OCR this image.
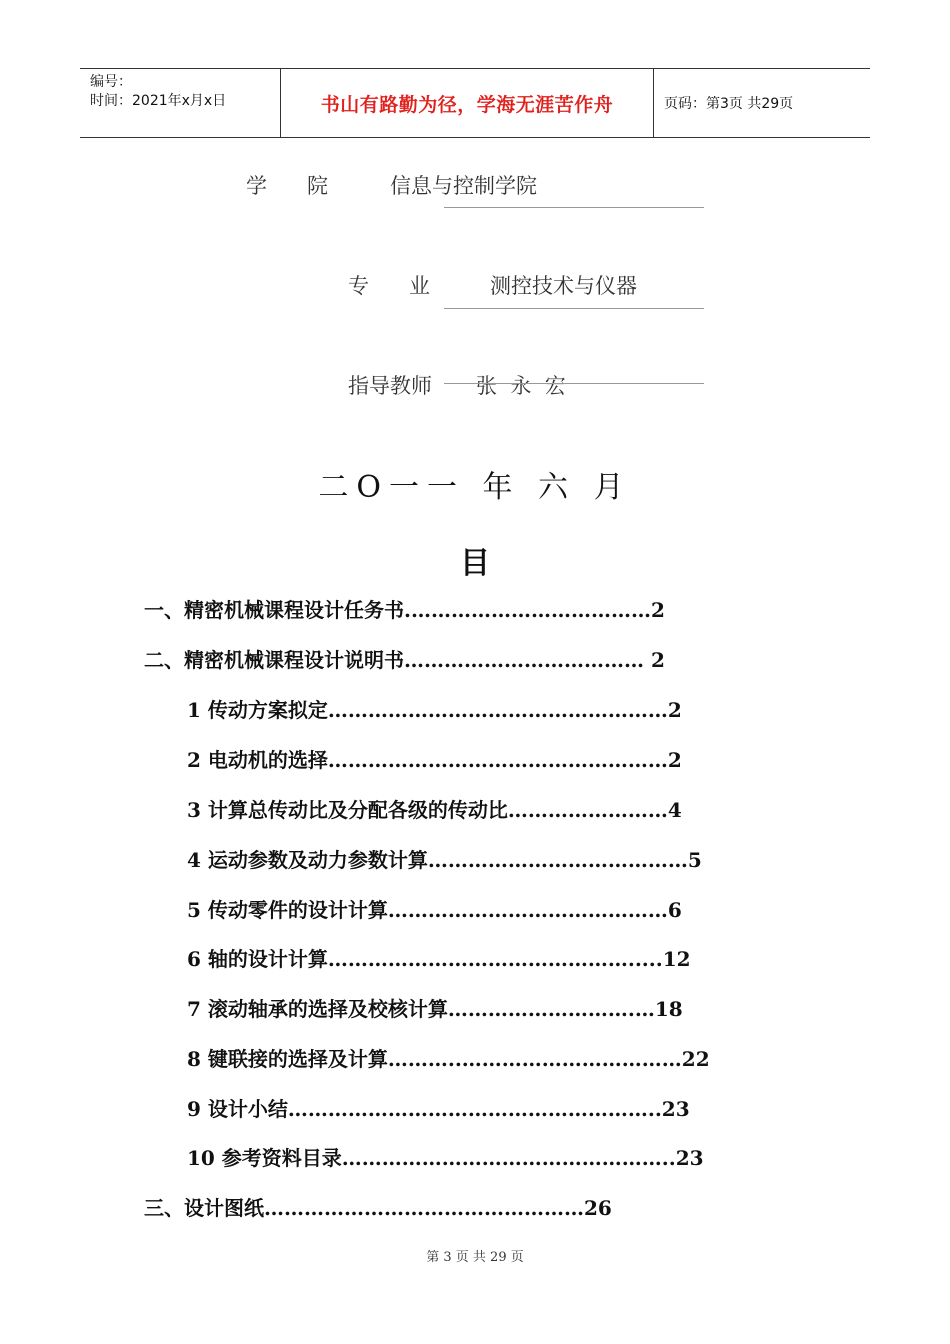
编号：
时间：2021年x月x日	书山有路勤为径，学海无涯苦作舟	页码：第3页 共29页
学      院	信息与控制学院
专      业	测控技术与仪器
指导教师 张  永  宏
二O一一 年 六 月
目
一、精密机械课程设计任务书.………………………………2
二、精密机械课程设计说明书……………………………… 2
1 传动方案拟定……………………………………………2
2 电动机的选择……………………………………………2
3 计算总传动比及分配各级的传动比……………………4
4 运动参数及动力参数计算…………………………………5
5 传动零件的设计计算……………………………………6
6 轴的设计计算……………………………………….....12
7 滚动轴承的选择及校核计算……………………….…18
8 键联接的选择及计算………..……………………………22
9 设计小结………………………………………………..23
10 参考资料目录…………………………………………..23
三、设计图纸…………………………………………26
第 3 页 共 29 页
